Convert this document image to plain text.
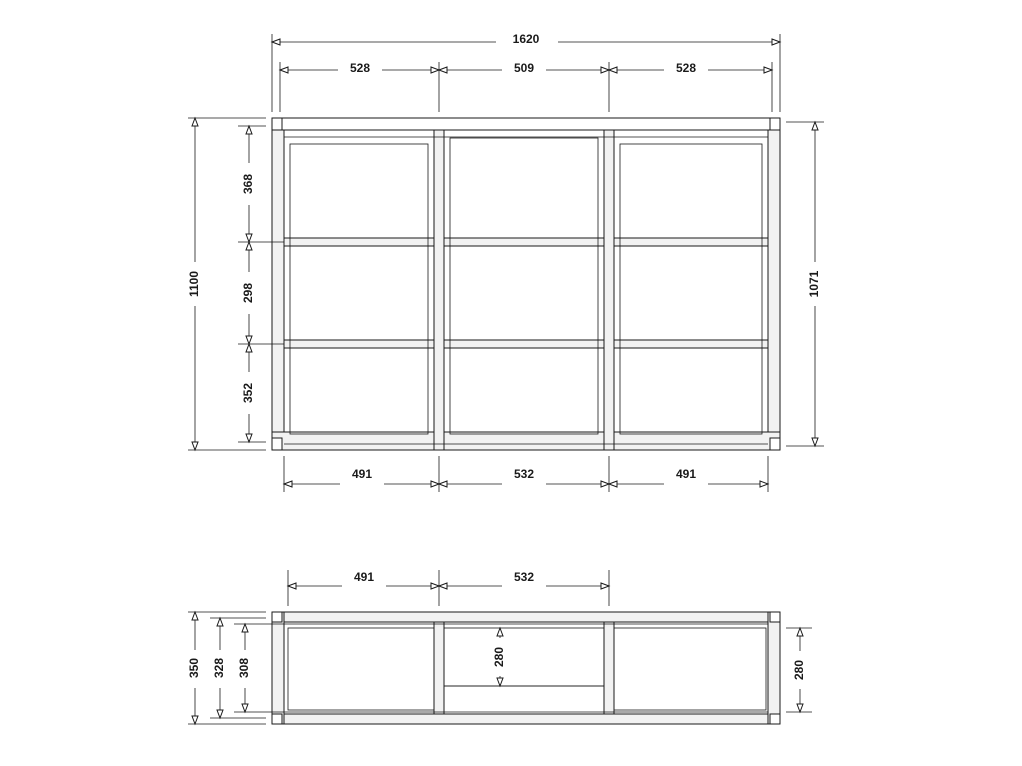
1620
528	509	528
1100
368
298
352
1071
491	532	491
491	532
350 328 308
280
280
